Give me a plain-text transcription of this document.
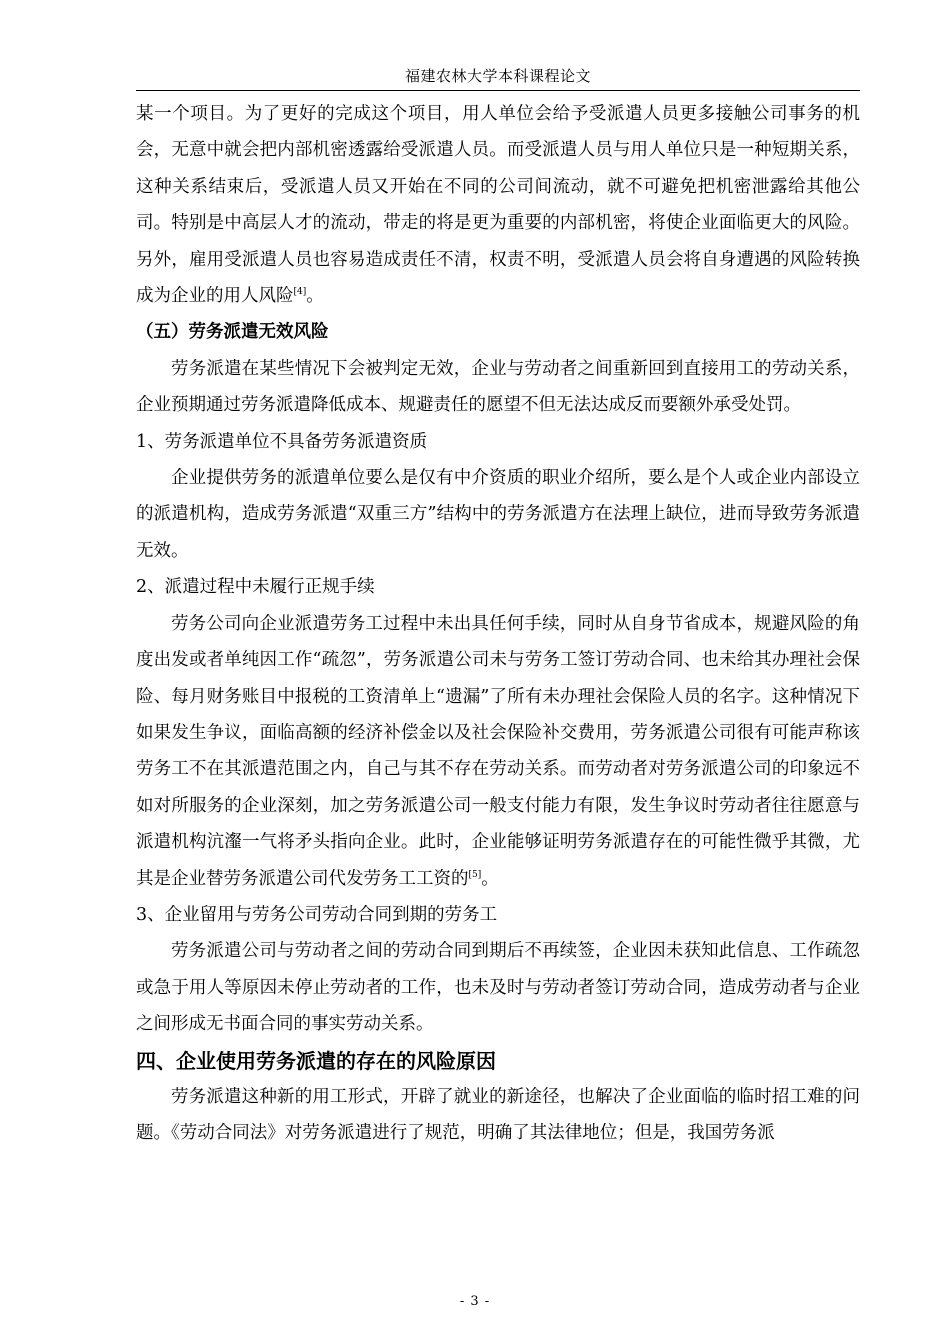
福建农林大学本科课程论文

某一个项目。为了更好的完成这个项目，用人单位会给予受派遣人员更多接触公司事务的机会，无意中就会把内部机密透露给受派遣人员。而受派遣人员与用人单位只是一种短期关系，这种关系结束后，受派遣人员又开始在不同的公司间流动，就不可避免把机密泄露给其他公司。特别是中高层人才的流动，带走的将是更为重要的内部机密，将使企业面临更大的风险。另外，雇用受派遣人员也容易造成责任不清，权责不明，受派遣人员会将自身遭遇的风险转换成为企业的用人风险[4]。

（五）劳务派遣无效风险

劳务派遣在某些情况下会被判定无效，企业与劳动者之间重新回到直接用工的劳动关系，企业预期通过劳务派遣降低成本、规避责任的愿望不但无法达成反而要额外承受处罚。

1、劳务派遣单位不具备劳务派遣资质

企业提供劳务的派遣单位要么是仅有中介资质的职业介绍所，要么是个人或企业内部设立的派遣机构，造成劳务派遣“双重三方”结构中的劳务派遣方在法理上缺位，进而导致劳务派遣无效。

2、派遣过程中未履行正规手续

劳务公司向企业派遣劳务工过程中未出具任何手续，同时从自身节省成本，规避风险的角度出发或者单纯因工作“疏忽”，劳务派遣公司未与劳务工签订劳动合同、也未给其办理社会保险、每月财务账目中报税的工资清单上“遗漏”了所有未办理社会保险人员的名字。这种情况下如果发生争议，面临高额的经济补偿金以及社会保险补交费用，劳务派遣公司很有可能声称该劳务工不在其派遣范围之内，自己与其不存在劳动关系。而劳动者对劳务派遣公司的印象远不如对所服务的企业深刻，加之劳务派遣公司一般支付能力有限，发生争议时劳动者往往愿意与派遣机构沆瀣一气将矛头指向企业。此时，企业能够证明劳务派遣存在的可能性微乎其微，尤其是企业替劳务派遣公司代发劳务工工资的[5]。

3、企业留用与劳务公司劳动合同到期的劳务工

劳务派遣公司与劳动者之间的劳动合同到期后不再续签，企业因未获知此信息、工作疏忽或急于用人等原因未停止劳动者的工作，也未及时与劳动者签订劳动合同，造成劳动者与企业之间形成无书面合同的事实劳动关系。

四、企业使用劳务派遣的存在的风险原因

劳务派遣这种新的用工形式，开辟了就业的新途径，也解决了企业面临的临时招工难的问题。《劳动合同法》对劳务派遣进行了规范，明确了其法律地位；但是，我国劳务派

- 3 -
